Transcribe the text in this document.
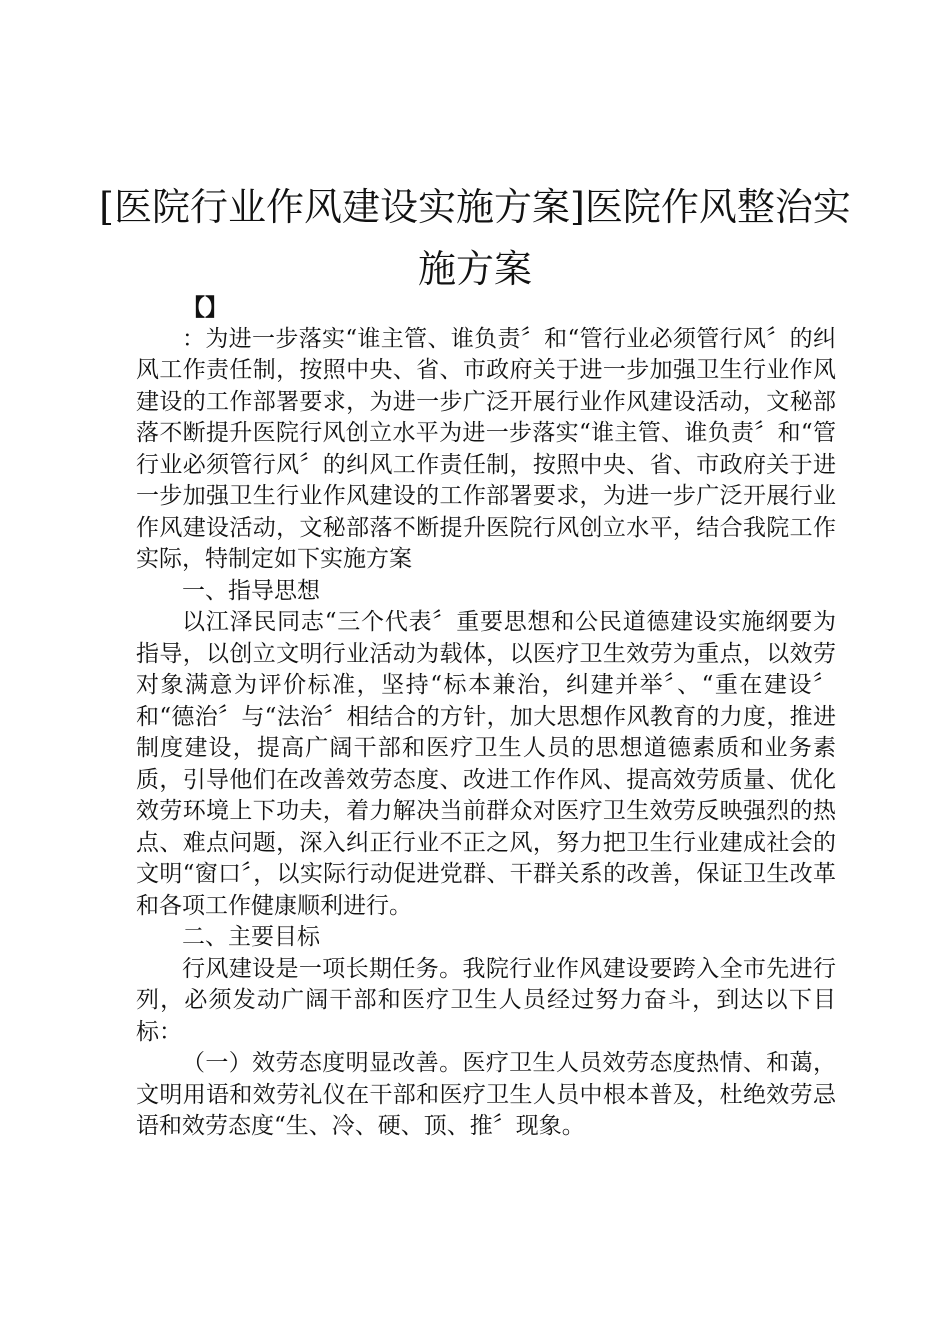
[医院行业作风建设实施方案]医院作风整治实
施方案

【】

：为进一步落实“谁主管、谁负责〞和“管行业必须管行风〞的纠风工作责任制，按照中央、省、市政府关于进一步加强卫生行业作风建设的工作部署要求，为进一步广泛开展行业作风建设活动，文秘部落不断提升医院行风创立水平为进一步落实“谁主管、谁负责〞和“管行业必须管行风〞的纠风工作责任制，按照中央、省、市政府关于进一步加强卫生行业作风建设的工作部署要求，为进一步广泛开展行业作风建设活动，文秘部落不断提升医院行风创立水平，结合我院工作实际，特制定如下实施方案

一、指导思想

以江泽民同志“三个代表〞重要思想和公民道德建设实施纲要为指导，以创立文明行业活动为载体，以医疗卫生效劳为重点，以效劳对象满意为评价标准，坚持“标本兼治，纠建并举〞、“重在建设〞和“德治〞与“法治〞相结合的方针，加大思想作风教育的力度，推进制度建设，提高广阔干部和医疗卫生人员的思想道德素质和业务素质，引导他们在改善效劳态度、改进工作作风、提高效劳质量、优化效劳环境上下功夫，着力解决当前群众对医疗卫生效劳反映强烈的热点、难点问题，深入纠正行业不正之风，努力把卫生行业建成社会的文明“窗口〞，以实际行动促进党群、干群关系的改善，保证卫生改革和各项工作健康顺利进行。

二、主要目标

行风建设是一项长期任务。我院行业作风建设要跨入全市先进行列，必须发动广阔干部和医疗卫生人员经过努力奋斗，到达以下目标：

（一）效劳态度明显改善。医疗卫生人员效劳态度热情、和蔼，文明用语和效劳礼仪在干部和医疗卫生人员中根本普及，杜绝效劳忌语和效劳态度“生、冷、硬、顶、推〞现象。
